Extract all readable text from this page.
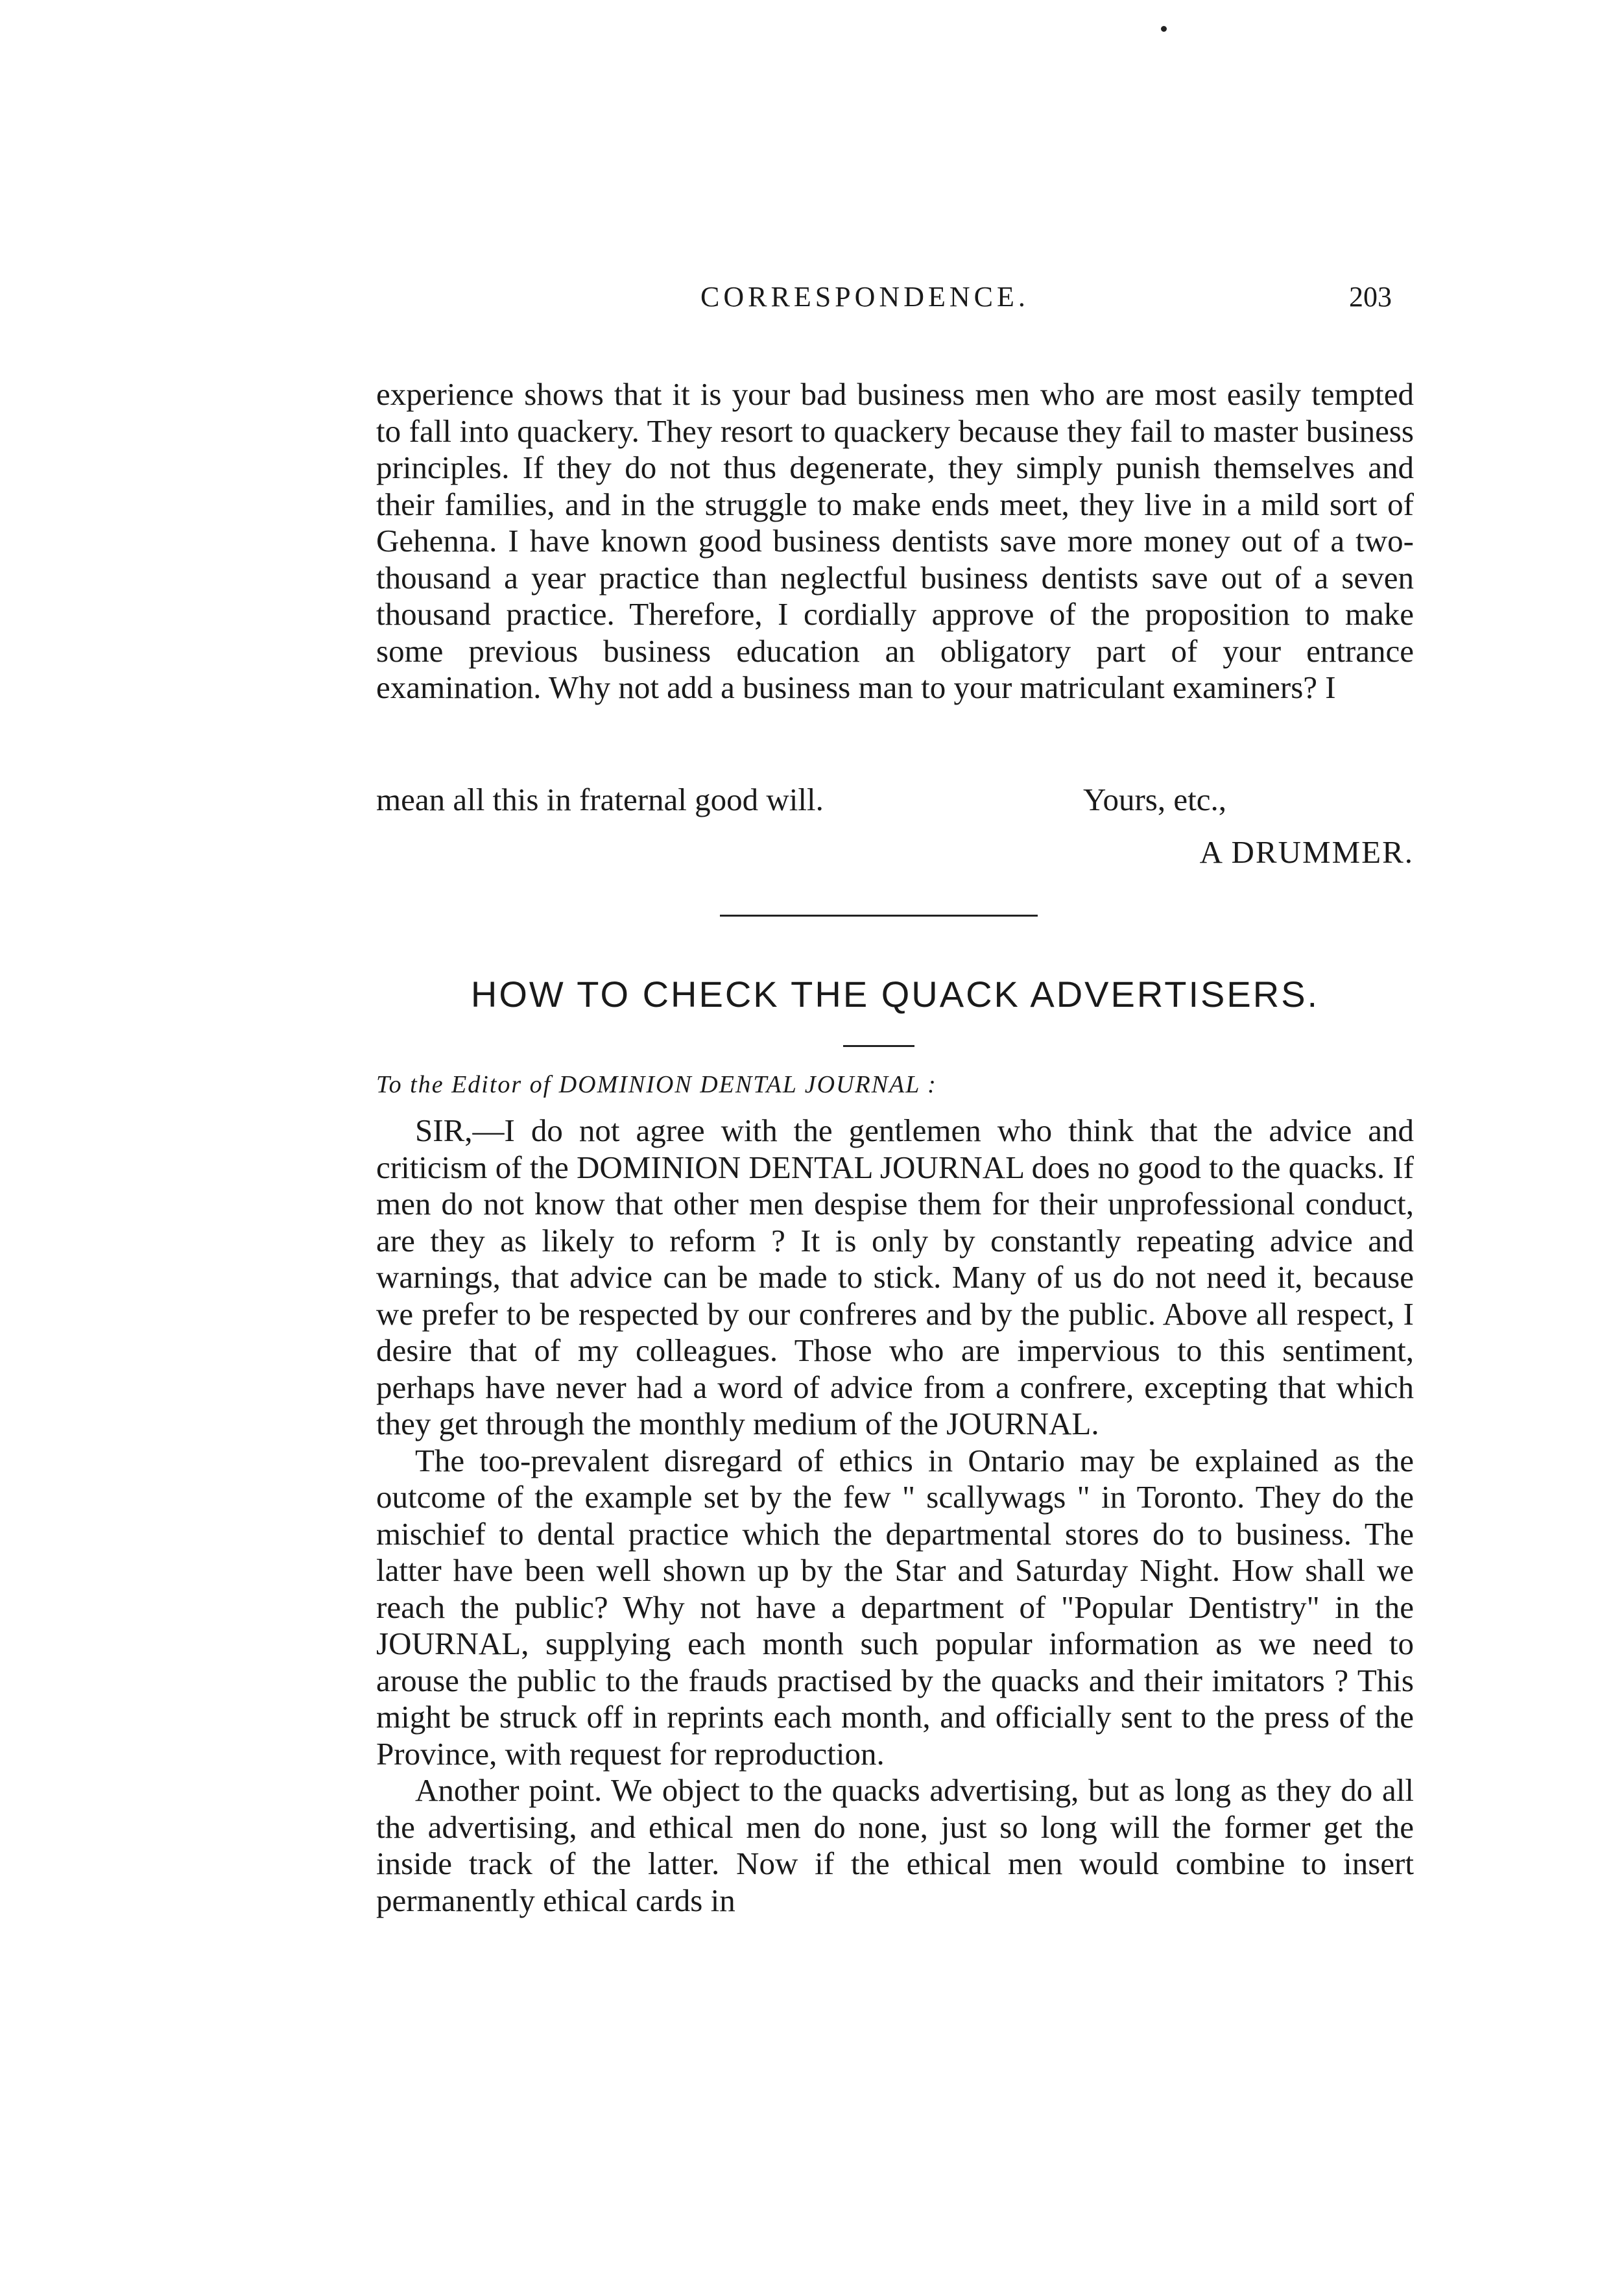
CORRESPONDENCE.	203

experience shows that it is your bad business men who are most easily tempted to fall into quackery. They resort to quackery because they fail to master business principles. If they do not thus degenerate, they simply punish themselves and their families, and in the struggle to make ends meet, they live in a mild sort of Gehenna. I have known good business dentists save more money out of a two-thousand a year practice than neglectful business dentists save out of a seven thousand practice. Therefore, I cordially approve of the proposition to make some previous business education an obligatory part of your entrance examination. Why not add a business man to your matriculant examiners? I

mean all this in fraternal good will.	Yours, etc.,
A DRUMMER.
HOW TO CHECK THE QUACK ADVERTISERS.
To the Editor of DOMINION DENTAL JOURNAL :

SIR,—I do not agree with the gentlemen who think that the advice and criticism of the DOMINION DENTAL JOURNAL does no good to the quacks. If men do not know that other men despise them for their unprofessional conduct, are they as likely to reform ? It is only by constantly repeating advice and warnings, that advice can be made to stick. Many of us do not need it, because we prefer to be respected by our confreres and by the public. Above all respect, I desire that of my colleagues. Those who are impervious to this sentiment, perhaps have never had a word of advice from a confrere, excepting that which they get through the monthly medium of the JOURNAL.

The too-prevalent disregard of ethics in Ontario may be explained as the outcome of the example set by the few " scallywags " in Toronto. They do the mischief to dental practice which the departmental stores do to business. The latter have been well shown up by the Star and Saturday Night. How shall we reach the public? Why not have a department of "Popular Dentistry" in the JOURNAL, supplying each month such popular information as we need to arouse the public to the frauds practised by the quacks and their imitators ? This might be struck off in reprints each month, and officially sent to the press of the Province, with request for reproduction.

Another point. We object to the quacks advertising, but as long as they do all the advertising, and ethical men do none, just so long will the former get the inside track of the latter. Now if the ethical men would combine to insert permanently ethical cards in
